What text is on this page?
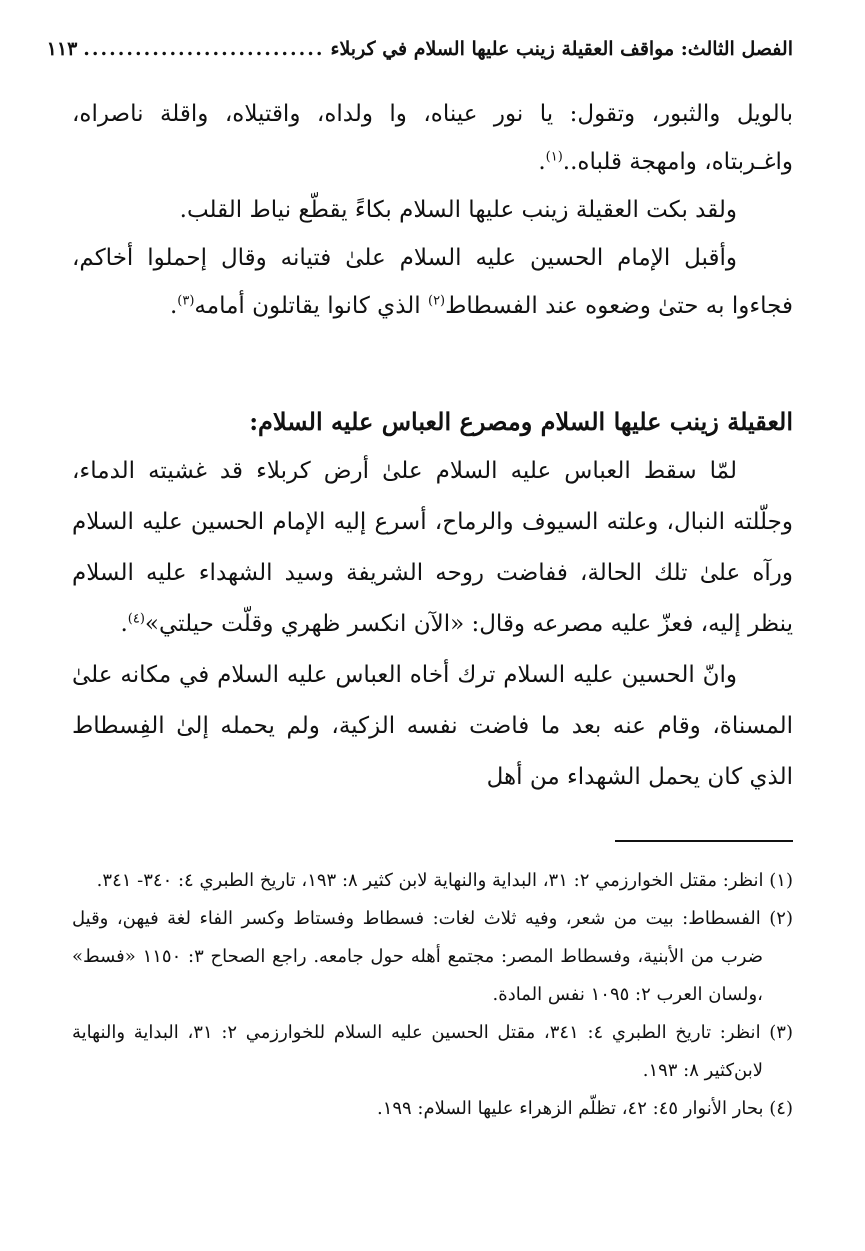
الفصل الثالث: مواقف العقيلة زينب عليها السلام في كربلاء
............................
١١٣

بالويل والثبور، وتقول: يا نور عيناه، وا ولداه، واقتيلاه، واقلة ناصراه، واغـربتاه، وامهجة قلباه..$^{(١)}$.

ولقد بكت العقيلة زينب عليها السلام بكاءً يقطّع نياط القلب.

وأقبل الإمام الحسين عليه السلام علىٰ فتيانه وقال إحملوا أخاكم، فجاءوا به حتىٰ وضعوه عند الفسطاط$^{(٢)}$ الذي كانوا يقاتلون أمامه$^{(٣)}$.

العقيلة زينب عليها السلام ومصرع العباس عليه السلام:

لمّا سقط العباس عليه السلام علىٰ أرض كربلاء قد غشيته الدماء، وجلّلته النبال، وعلته السيوف والرماح، أسرع إليه الإمام الحسين عليه السلام ورآه علىٰ تلك الحالة، ففاضت روحه الشريفة وسيد الشهداء عليه السلام ينظر إليه، فعزّ عليه مصرعه وقال: «الآن انكسر ظهري وقلّت حيلتي»$^{(٤)}$.

وانّ الحسين عليه السلام ترك أخاه العباس عليه السلام في مكانه علىٰ المسناة، وقام عنه بعد ما فاضت نفسه الزكية، ولم يحمله إلىٰ الفِسطاط الذي كان يحمل الشهداء من أهل

(١) انظر: مقتل الخوارزمي ٢: ٣١، البداية والنهاية لابن كثير ٨: ١٩٣، تاريخ الطبري ٤: ٣٤٠- ٣٤١.

(٢) الفسطاط: بيت من شعر، وفيه ثلاث لغات: فسطاط وفستاط وكسر الفاء لغة فيهن، وقيل ضرب من الأبنية، وفسطاط المصر: مجتمع أهله حول جامعه. راجع الصحاح ٣: ١١٥٠ «فسط» ،ولسان العرب ٢: ١٠٩٥ نفس المادة.

(٣) انظر: تاريخ الطبري ٤: ٣٤١، مقتل الحسين عليه السلام للخوارزمي ٢: ٣١، البداية والنهاية لابن‌كثير ٨: ١٩٣.

(٤) بحار الأنوار ٤٥: ٤٢، تظلّم الزهراء عليها السلام: ١٩٩.
